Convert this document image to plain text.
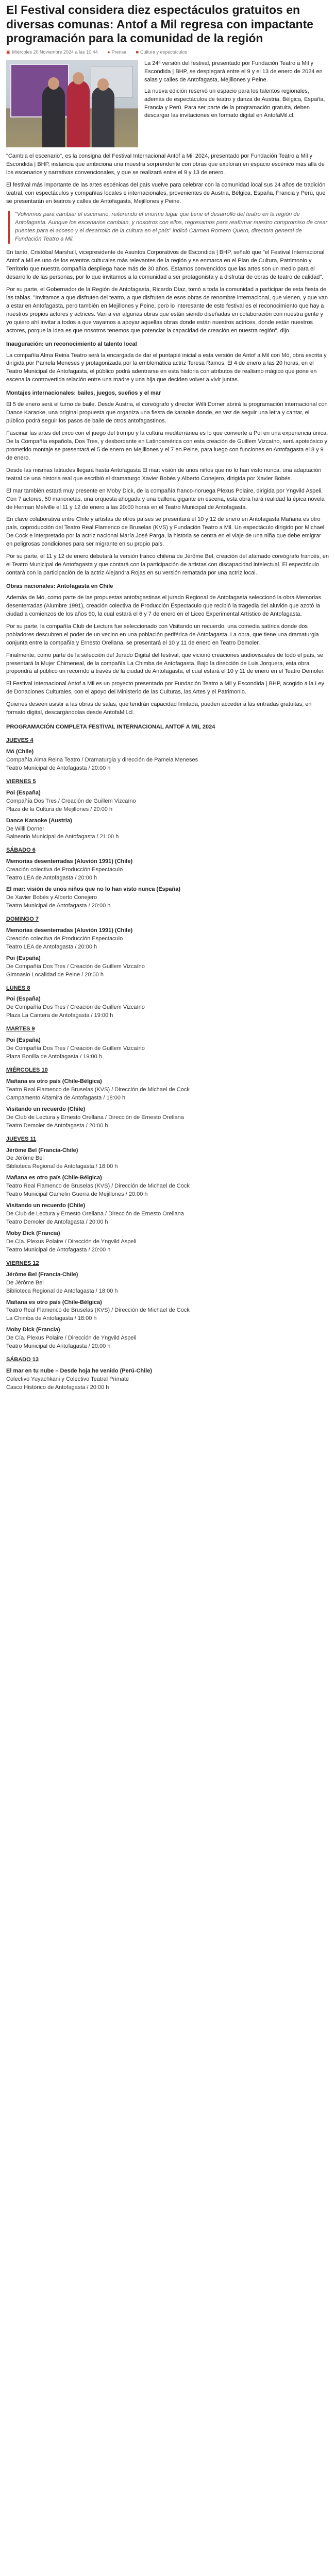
El Festival considera diez espectáculos gratuitos en diversas comunas: Antof a Mil regresa con impactante programación para la comunidad de la región
▣ Miércoles 20 Noviembre 2024 a las 10:44 ● Prensa ■ Cultura y espectáculos

La 24ª versión del festival, presentado por Fundación Teatro a Mil y Escondida | BHP, se desplegará entre el 9 y el 13 de enero de 2024 en salas y calles de Antofagasta, Mejillones y Peine.

La nueva edición reservó un espacio para los talentos regionales, además de espectáculos de teatro y danza de Austria, Bélgica, España, Francia y Perú. Para ser parte de la programación gratuita, deben descargar las invitaciones en formato digital en AntofaMil.cl.

"Cambia el escenario", es la consigna del Festival Internacional Antof a Mil 2024, presentado por Fundación Teatro a Mil y Escondida | BHP, instancia que ambiciona una muestra sorprendente con obras que exploran en espacio escénico más allá de los escenarios y narrativas convencionales, y que se realizará entre el 9 y 13 de enero.

El festival más importante de las artes escénicas del país vuelve para celebrar con la comunidad local sus 24 años de tradición teatral, con espectáculos y compañías locales e internacionales, provenientes de Austria, Bélgica, España, Francia y Perú, que se presentarán en teatros y calles de Antofagasta, Mejillones y Peine.

"Volvemos para cambiar el escenario, reiterando el enorme lugar que tiene el desarrollo del teatro en la región de Antofagasta. Aunque los escenarios cambian, y nosotros con ellos, regresamos para reafirmar nuestro compromiso de crear puentes para el acceso y el desarrollo de la cultura en el país" indicó Carmen Romero Quero, directora general de Fundación Teatro a Mil.

En tanto, Cristóbal Marshall, vicepresidente de Asuntos Corporativos de Escondida | BHP, señaló que "el Festival Internacional Antof a Mil es uno de los eventos culturales más relevantes de la región y se enmarca en el Plan de Cultura, Patrimonio y Territorio que nuestra compañía despliega hace más de 30 años. Estamos convencidos que las artes son un medio para el desarrollo de las personas, por lo que invitamos a la comunidad a ser protagonista y a disfrutar de obras de teatro de calidad".

Por su parte, el Gobernador de la Región de Antofagasta, Ricardo Díaz, tomó a toda la comunidad a participar de esta fiesta de las tablas. "Invitamos a que disfruten del teatro, a que disfruten de esos obras de renombre internacional, que vienen, y que van a estar en Antofagasta, pero también en Mejillones y Peine, pero lo interesante de este festival es el reconocimiento que hay a nuestros propios actores y actrices. Van a ver algunas obras que están siendo diseñadas en colaboración con nuestra gente y yo quiero ahí invitar a todos a que vayamos a apoyar aquellas obras donde están nuestros actrices, donde están nuestros actores, porque la idea es que nosotros tenemos que potenciar la capacidad de creación en nuestra región", dijo.

Inauguración: un reconocimiento al talento local

La compañía Alma Reina Teatro será la encargada de dar el puntapié inicial a esta versión de Antof a Mil con Mó, obra escrita y dirigida por Pamela Meneses y protagonizada por la emblemática actriz Teresa Ramos. El 4 de enero a las 20 horas, en el Teatro Municipal de Antofagasta, el público podrá adentrarse en esta historia con atributos de realismo mágico que pone en escena la controvertida relación entre una madre y una hija que deciden volver a vivir juntas.

Montajes internacionales: bailes, juegos, sueños y el mar

El 5 de enero será el turno de baile. Desde Austria, el coreógrafo y director Willi Dorner abrirá la programación internacional con Dance Karaoke, una original propuesta que organiza una fiesta de karaoke donde, en vez de seguir una letra y cantar, el público podrá seguir los pasos de baile de otros antofagastinos.

Fascinar las artes del circo con el juego del trompo y la cultura mediterránea es lo que convierte a Poi en una experiencia única. De la Compañía española, Dos Tres, y desbordante en Latinoamérica con esta creación de Guillem Vizcaíno, será apoteósico y prometido montaje se presentará el 5 de enero en Mejillones y el 7 en Peine, para luego con funciones en Antofagasta el 8 y 9 de enero.

Desde las mismas latitudes llegará hasta Antofagasta El mar: visión de unos niños que no lo han visto nunca, una adaptación teatral de una historia real que escribió el dramaturgo Xavier Bobés y Alberto Conejero, dirigida por Xavier Bobés.

El mar también estará muy presente en Moby Dick, de la compañía franco-noruega Plexus Polaire, dirigida por Yngvild Aspeli. Con 7 actores, 50 marionetas, una orquesta ahogada y una ballena gigante en escena, esta obra hará realidad la épica novela de Herman Melville el 11 y 12 de enero a las 20:00 horas en el Teatro Municipal de Antofagasta.

En clave colaborativa entre Chile y artistas de otros países se presentará el 10 y 12 de enero en Antofagasta Mañana es otro país, coproducción del Teatro Real Flamenco de Bruselas (KVS) y Fundación Teatro a Mil. Un espectáculo dirigido por Michael De Cock e interpretado por la actriz nacional María José Parga, la historia se centra en el viaje de una niña que debe emigrar en peligrosas condiciones para ser migrante en su propio país.

Por su parte, el 11 y 12 de enero debutará la versión franco chilena de Jérôme Bel, creación del afamado coreógrafo francés, en el Teatro Municipal de Antofagasta y que contará con la participación de artistas con discapacidad intelectual. El espectáculo contará con la participación de la actriz Alejandra Rojas en su versión rematada por una actriz local.

Obras nacionales: Antofagasta en Chile

Además de Mó, como parte de las propuestas antofagastinas el jurado Regional de Antofagasta seleccionó la obra Memorias desenterradas (Alumbre 1991), creación colectiva de Producción Espectaculo que recibió la tragedia del aluvión que azotó la ciudad a comienzos de los años 90, la cual estará el 6 y 7 de enero en el Liceo Experimental Artístico de Antofagasta.

Por su parte, la compañía Club de Lectura fue seleccionado con Visitando un recuerdo, una comedia satírica donde dos pobladores descubren el poder de un vecino en una población periférica de Antofagasta. La obra, que tiene una dramaturgia conjunta entre la compañía y Ernesto Orellana, se presentará el 10 y 11 de enero en Teatro Demoler.

Finalmente, como parte de la selección del Jurado Digital del festival, que vicionó creaciones audiovisuales de todo el país, se presentará la Mujer Chimeneal, de la compañía La Chimba de Antofagasta. Bajo la dirección de Luis Jorquera, esta obra propondrá al público un recorrido a través de la ciudad de Antofagasta, el cual estará el 10 y 11 de enero en el Teatro Demoler.

El Festival Internacional Antof a Mil es un proyecto presentado por Fundación Teatro a Mil y Escondida | BHP, acogido a la Ley de Donaciones Culturales, con el apoyo del Ministerio de las Culturas, las Artes y el Patrimonio.

Quienes deseen asistir a las obras de salas, que tendrán capacidad limitada, pueden acceder a las entradas gratuitas, en formato digital, descargándolas desde AntofaMil.cl.

PROGRAMACIÓN COMPLETA FESTIVAL INTERNACIONAL ANTOF A MIL 2024
JUEVES 4
Mó (Chile)
Compañía Alma Reina Teatro / Dramaturgia y dirección de Pamela Meneses
Teatro Municipal de Antofagasta / 20:00 h
VIERNES 5
Poi (España)
Compañía Dos Tres / Creación de Guillem Vizcaíno
Plaza de la Cultura de Mejillones / 20:00 h
Dance Karaoke (Austria)
De Willi Dorner
Balneario Municipal de Antofagasta / 21:00 h
SÁBADO 6
Memorias desenterradas (Aluvión 1991) (Chile)
Creación colectiva de Producción Espectaculo
Teatro LEA de Antofagasta / 20:00 h
El mar: visión de unos niños que no lo han visto nunca (España)
De Xavier Bobés y Alberto Conejero
Teatro Municipal de Antofagasta / 20:00 h
DOMINGO 7
Memorias desenterradas (Aluvión 1991) (Chile)
Creación colectiva de Producción Espectaculo
Teatro LEA de Antofagasta / 20:00 h
Poi (España)
De Compañía Dos Tres / Creación de Guillem Vizcaíno
Gimnasio Localidad de Peine / 20:00 h
LUNES 8
Poi (España)
De Compañía Dos Tres / Creación de Guillem Vizcaíno
Plaza La Cantera de Antofagasta / 19:00 h
MARTES 9
Poi (España)
De Compañía Dos Tres / Creación de Guillem Vizcaíno
Plaza Bonilla de Antofagasta / 19:00 h
MIÉRCOLES 10
Mañana es otro país (Chile-Bélgica)
Teatro Real Flamenco de Bruselas (KVS) / Dirección de Michael de Cock
Campamento Altamira de Antofagasta / 18:00 h
Visitando un recuerdo (Chile)
De Club de Lectura y Ernesto Orellana / Dirección de Ernesto Orellana
Teatro Demoler de Antofagasta / 20:00 h
JUEVES 11
Jérôme Bel (Francia-Chile)
De Jérôme Bel
Biblioteca Regional de Antofagasta / 18:00 h
Mañana es otro país (Chile-Bélgica)
Teatro Real Flamenco de Bruselas (KVS) / Dirección de Michael de Cock
Teatro Municipal Gamelin Guerra de Mejillones / 20:00 h
Visitando un recuerdo (Chile)
De Club de Lectura y Ernesto Orellana / Dirección de Ernesto Orellana
Teatro Demoler de Antofagasta / 20:00 h
Moby Dick (Francia)
De Cía. Plexus Polaire / Dirección de Yngvild Aspeli
Teatro Municipal de Antofagasta / 20:00 h
VIERNES 12
Jérôme Bel (Francia-Chile)
De Jérôme Bel
Biblioteca Regional de Antofagasta / 18:00 h
Mañana es otro país (Chile-Bélgica)
Teatro Real Flamenco de Bruselas (KVS) / Dirección de Michael de Cock
La Chimba de Antofagasta / 18:00 h
Moby Dick (Francia)
De Cía. Plexus Polaire / Dirección de Yngvild Aspeli
Teatro Municipal de Antofagasta / 20:00 h
SÁBADO 13
El mar en tu nube – Desde hoja he venido (Perú-Chile)
Colectivo Yuyachkani y Colectivo Teatral Primate
Casco Histórico de Antofagasta / 20:00 h
